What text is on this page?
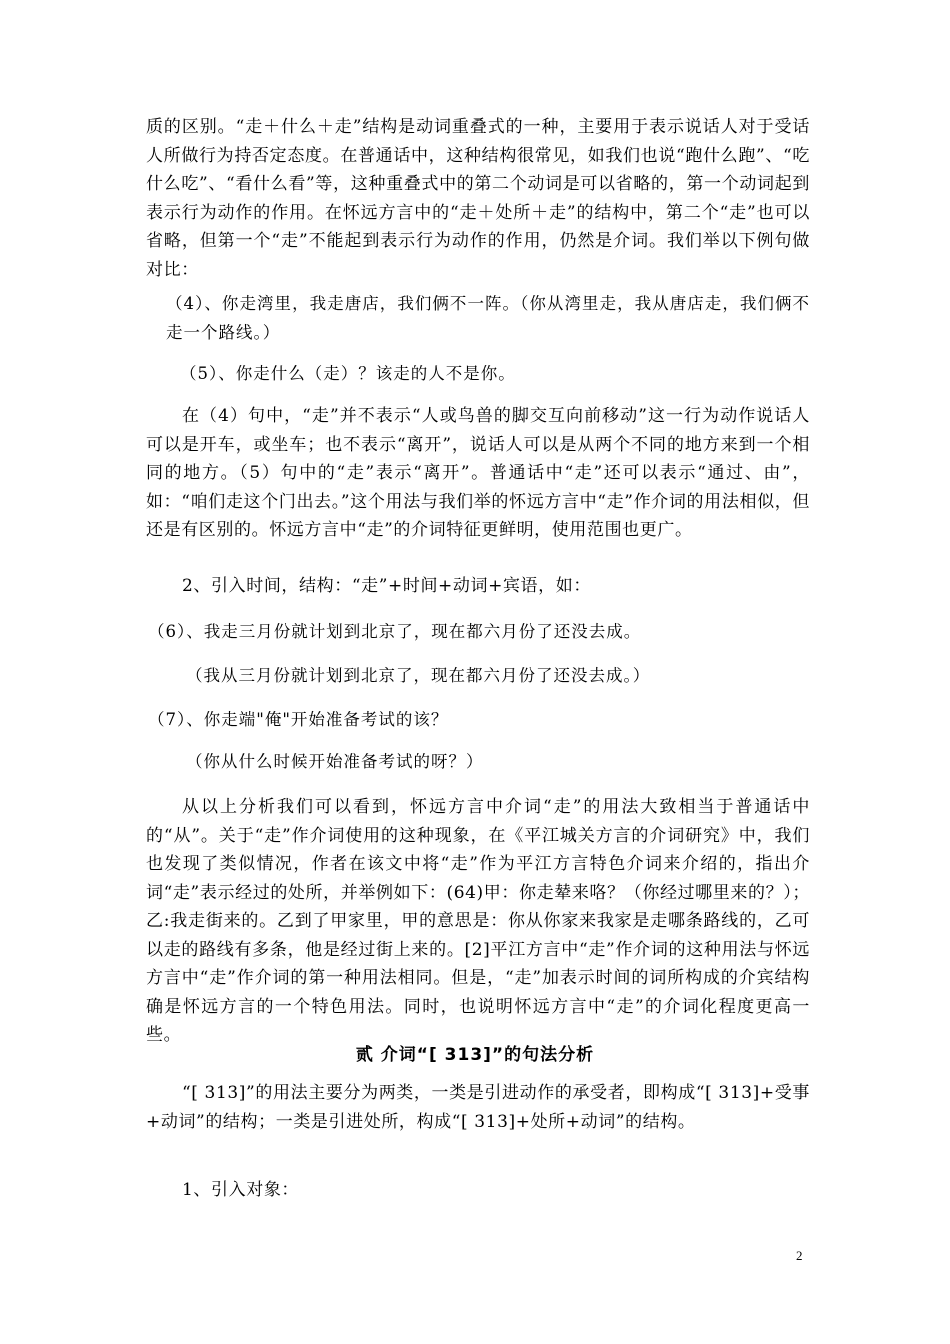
质的区别。“走＋什么＋走”结构是动词重叠式的一种，主要用于表示说话人对于受话人所做行为持否定态度。在普通话中，这种结构很常见，如我们也说“跑什么跑”、“吃什么吃”、“看什么看”等，这种重叠式中的第二个动词是可以省略的，第一个动词起到表示行为动作的作用。在怀远方言中的“走＋处所＋走”的结构中，第二个“走”也可以省略，但第一个“走”不能起到表示行为动作的作用，仍然是介词。我们举以下例句做对比：

（4）、你走湾里，我走唐店，我们俩不一阵。（你从湾里走，我从唐店走，我们俩不走一个路线。）

（5）、你走什么（走）？该走的人不是你。

在（4）句中，“走”并不表示“人或鸟兽的脚交互向前移动”这一行为动作说话人可以是开车，或坐车；也不表示“离开”，说话人可以是从两个不同的地方来到一个相同的地方。（5）句中的“走”表示“离开”。普通话中“走”还可以表示“通过、由”，如：“咱们走这个门出去。”这个用法与我们举的怀远方言中“走”作介词的用法相似，但还是有区别的。怀远方言中“走”的介词特征更鲜明，使用范围也更广。

2、引入时间，结构：“走”+时间+动词+宾语，如：

（6）、我走三月份就计划到北京了，现在都六月份了还没去成。

（我从三月份就计划到北京了，现在都六月份了还没去成。）

（7）、你走端"俺"开始准备考试的该？

（你从什么时候开始准备考试的呀？）

从以上分析我们可以看到，怀远方言中介词“走”的用法大致相当于普通话中的“从”。关于“走”作介词使用的这种现象，在《平江城关方言的介词研究》中，我们也发现了类似情况，作者在该文中将“走”作为平江方言特色介词来介绍的，指出介词“走”表示经过的处所，并举例如下：(64)甲：你走辇来咯？（你经过哪里来的？）；乙:我走街来的。乙到了甲家里，甲的意思是：你从你家来我家是走哪条路线的，乙可以走的路线有多条，他是经过街上来的。[2]平江方言中“走”作介词的这种用法与怀远方言中“走”作介词的第一种用法相同。但是，“走”加表示时间的词所构成的介宾结构确是怀远方言的一个特色用法。同时，也说明怀远方言中“走”的介词化程度更高一些。

贰 介词“[ 313]”的句法分析

“[ 313]”的用法主要分为两类，一类是引进动作的承受者，即构成“[ 313]+受事+动词”的结构；一类是引进处所，构成“[ 313]+处所+动词”的结构。

1、引入对象：

2
